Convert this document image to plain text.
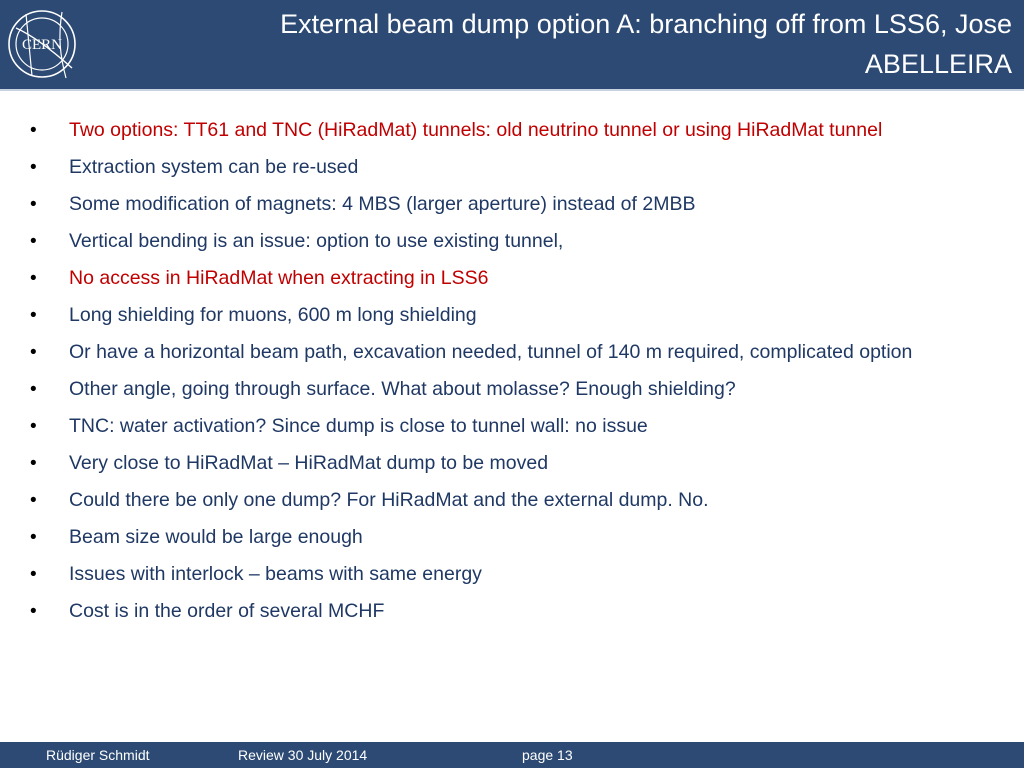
CERN
External beam dump option A: branching off from LSS6, Jose ABELLEIRA
• Two options: TT61 and TNC (HiRadMat) tunnels: old neutrino tunnel or using HiRadMat tunnel
• Extraction system can be re-used
• Some modification of magnets: 4 MBS (larger aperture) instead of 2MBB
• Vertical bending is an issue: option to use existing tunnel,
• No access in HiRadMat when extracting in LSS6
• Long shielding for muons, 600 m long shielding
• Or have a horizontal beam path, excavation needed, tunnel of 140 m required, complicated option
• Other angle, going through surface. What about molasse? Enough shielding?
• TNC: water activation? Since dump is close to tunnel wall: no issue
• Very close to HiRadMat – HiRadMat dump to be moved
• Could there be only one dump? For HiRadMat and the external dump. No.
• Beam size would be large enough
• Issues with interlock – beams with same energy
• Cost is in the order of several MCHF
Rüdiger Schmidt	Review 30 July 2014	page 13
